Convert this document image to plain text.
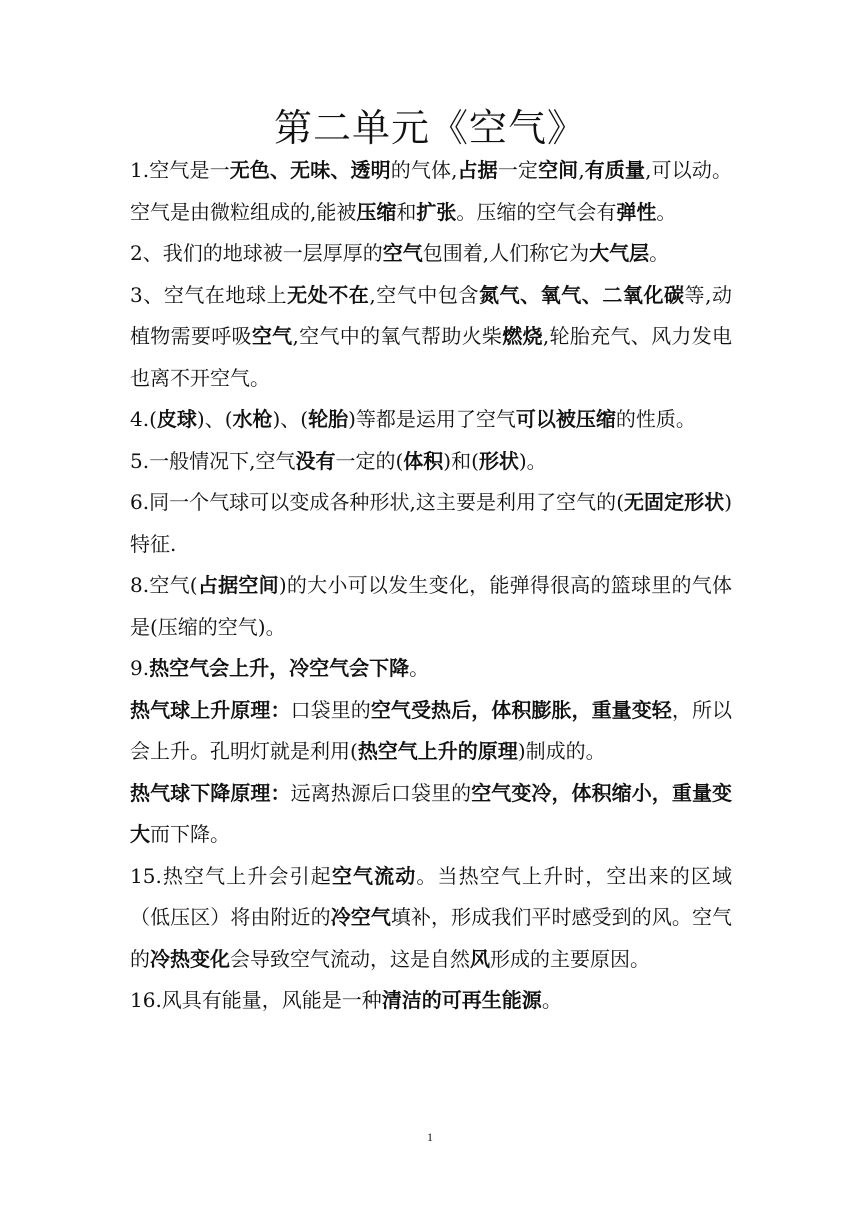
第二单元《空气》

1.空气是一无色、无味、透明的气体,占据一定空间,有质量,可以动。空气是由微粒组成的,能被压缩和扩张。压缩的空气会有弹性。

2、我们的地球被一层厚厚的空气包围着,人们称它为大气层。

3、空气在地球上无处不在,空气中包含氮气、氧气、二氧化碳等,动植物需要呼吸空气,空气中的氧气帮助火柴燃烧,轮胎充气、风力发电也离不开空气。

4.(皮球)、(水枪)、(轮胎)等都是运用了空气可以被压缩的性质。

5.一般情况下,空气没有一定的(体积)和(形状)。

6.同一个气球可以变成各种形状,这主要是利用了空气的(无固定形状)特征.

8.空气(占据空间)的大小可以发生变化，能弹得很高的篮球里的气体是(压缩的空气)。

9.热空气会上升，冷空气会下降。

热气球上升原理：口袋里的空气受热后，体积膨胀，重量变轻，所以会上升。孔明灯就是利用(热空气上升的原理)制成的。

热气球下降原理：远离热源后口袋里的空气变冷，体积缩小，重量变大而下降。

15.热空气上升会引起空气流动。当热空气上升时，空出来的区域（低压区）将由附近的冷空气填补，形成我们平时感受到的风。空气的冷热变化会导致空气流动，这是自然风形成的主要原因。

16.风具有能量，风能是一种清洁的可再生能源。

1
